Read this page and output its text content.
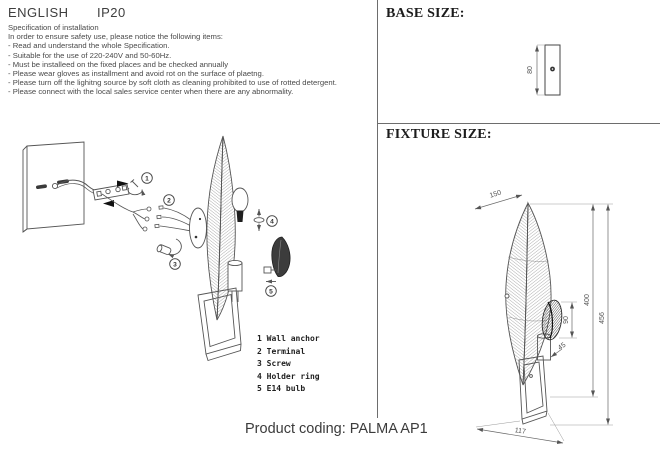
ENGLISH IP20
Specification of installation
In order to ensure safety use, please notice the following items:
- Read and understand the whole Specification.
- Suitable for the use of 220-240V and 50-60Hz.
- Must be installeed on the fixed places and be checked annually
- Please wear gloves as installment and avoid rot on the surface of plaetng.
- Please turn off the lighitng source by soft cloth as cleaning prohibited to use of rotted detergent.
- Please connect with the local sales service center when there are any abnormality.
BASE SIZE:
FIXTURE SIZE:
1
2
3
4
5
1 Wall anchor
2 Terminal
3 Screw
4 Holder ring
5 E14 bulb
80
150
400
456
90
45
117
Product coding: PALMA AP1
